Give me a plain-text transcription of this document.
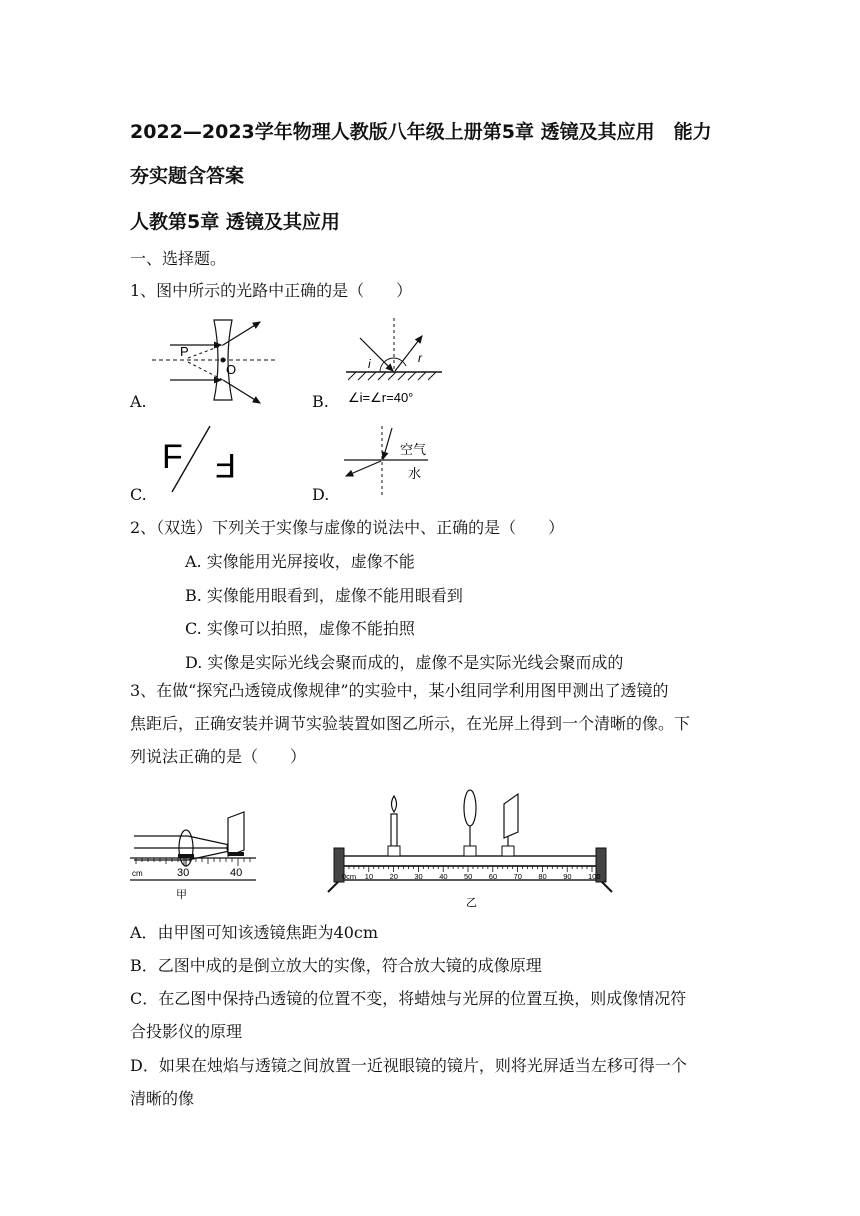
2022—2023学年物理人教版八年级上册第5章 透镜及其应用　能力
夯实题含答案
人教第5章 透镜及其应用
一、选择题。
1、图中所示的光路中正确的是（　　）
P
O
A.
i	r
∠i=∠r=40°
B.
F F
C.
空气
水
D.
2、（双选）下列关于实像与虚像的说法中、正确的是（　　）
A. 实像能用光屏接收，虚像不能
B. 实像能用眼看到，虚像不能用眼看到
C. 实像可以拍照，虚像不能拍照
D. 实像是实际光线会聚而成的，虚像不是实际光线会聚而成的
3、在做“探究凸透镜成像规律”的实验中，某小组同学利用图甲测出了透镜的
焦距后，正确安装并调节实验装置如图乙所示，在光屏上得到一个清晰的像。下
列说法正确的是（　　）
cm	30	40
甲
0cm 10 20 30 40 50 60 70 80 90 100
乙
A．由甲图可知该透镜焦距为40cm
B．乙图中成的是倒立放大的实像，符合放大镜的成像原理
C．在乙图中保持凸透镜的位置不变，将蜡烛与光屏的位置互换，则成像情况符
合投影仪的原理
D．如果在烛焰与透镜之间放置一近视眼镜的镜片，则将光屏适当左移可得一个
清晰的像
